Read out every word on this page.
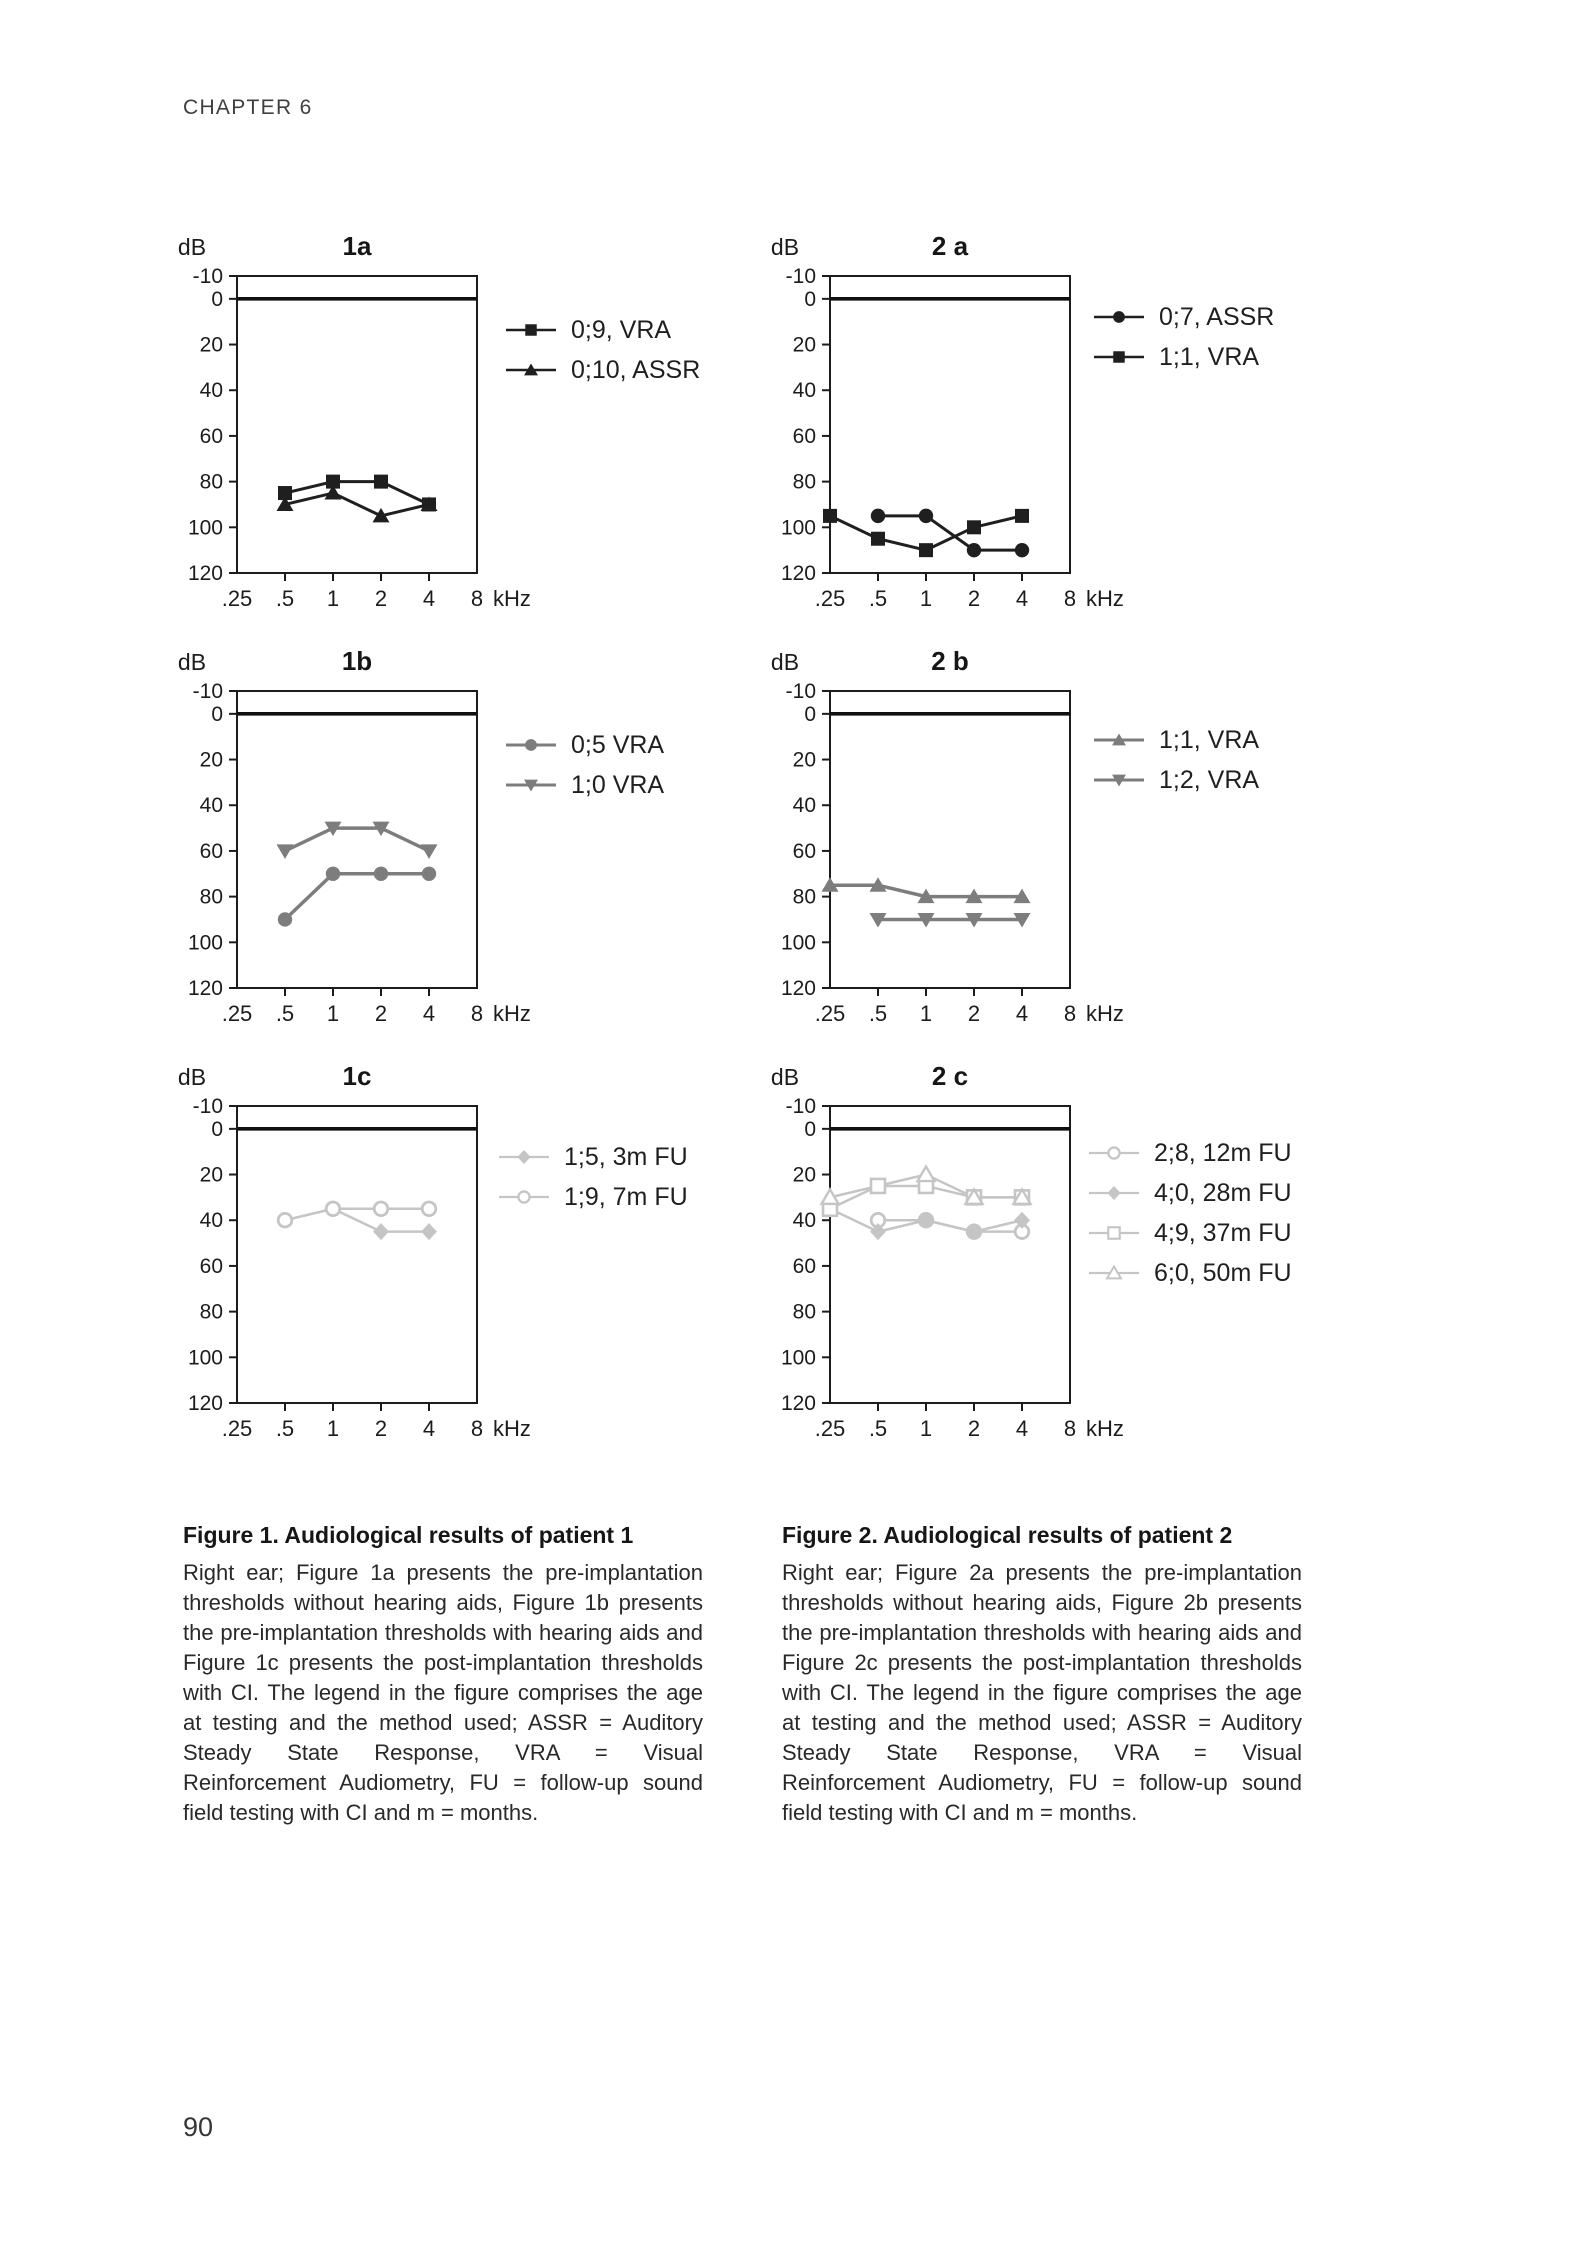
CHAPTER 6
1a
dB
-10
0
20
40
60
80
100
120
.25 .5 1 2 4 8 kHz
0;9, VRA
0;10, ASSR
2 a
dB
-10
0
20
40
60
80
100
120
.25 .5 1 2 4 8 kHz
0;7, ASSR
1;1, VRA
1b
dB
-10
0
20
40
60
80
100
120
.25 .5 1 2 4 8 kHz
0;5 VRA
1;0 VRA
2 b
dB
-10
0
20
40
60
80
100
120
.25 .5 1 2 4 8 kHz
1;1, VRA
1;2, VRA
1c
dB
-10
0
20
40
60
80
100
120
.25 .5 1 2 4 8 kHz
1;5, 3m FU
1;9, 7m FU
2 c
dB
-10
0
20
40
60
80
100
120
.25 .5 1 2 4 8 kHz
2;8, 12m FU
4;0, 28m FU
4;9, 37m FU
6;0, 50m FU
Figure 1. Audiological results of patient 1
Right ear; Figure 1a presents the pre-implantation thresholds without hearing aids, Figure 1b presents the pre-implantation thresholds with hearing aids and Figure 1c presents the post-implantation thresholds with CI. The legend in the figure comprises the age at testing and the method used; ASSR = Auditory Steady State Response, VRA = Visual Reinforcement Audiometry, FU = follow-up sound field testing with CI and m = months.
Figure 2. Audiological results of patient 2
Right ear; Figure 2a presents the pre-implantation thresholds without hearing aids, Figure 2b presents the pre-implantation thresholds with hearing aids and Figure 2c presents the post-implantation thresholds with CI. The legend in the figure comprises the age at testing and the method used; ASSR = Auditory Steady State Response, VRA = Visual Reinforcement Audiometry, FU = follow-up sound field testing with CI and m = months.
90
